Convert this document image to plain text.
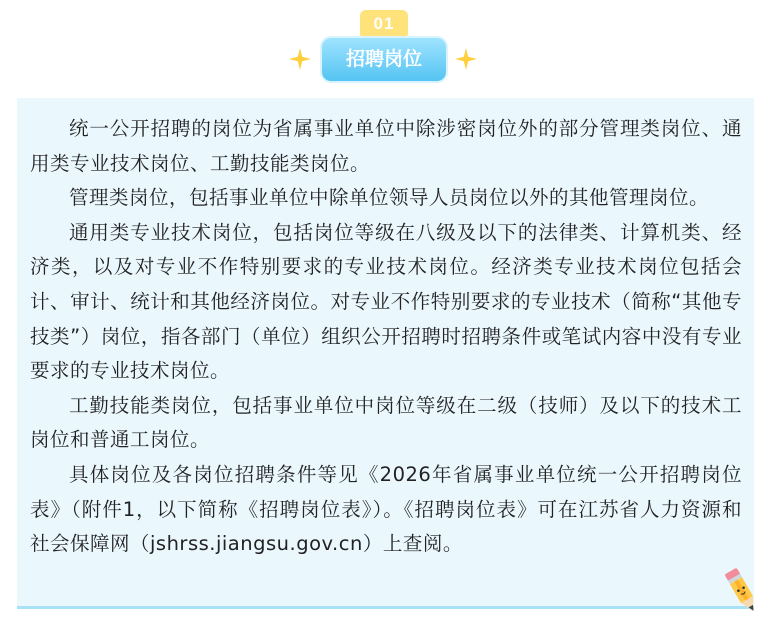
01
招聘岗位

统一公开招聘的岗位为省属事业单位中除涉密岗位外的部分管理类岗位、通用类专业技术岗位、工勤技能类岗位。

管理类岗位，包括事业单位中除单位领导人员岗位以外的其他管理岗位。

通用类专业技术岗位，包括岗位等级在八级及以下的法律类、计算机类、经济类，以及对专业不作特别要求的专业技术岗位。经济类专业技术岗位包括会计、审计、统计和其他经济岗位。对专业不作特别要求的专业技术（简称“其他专技类”）岗位，指各部门（单位）组织公开招聘时招聘条件或笔试内容中没有专业要求的专业技术岗位。

工勤技能类岗位，包括事业单位中岗位等级在二级（技师）及以下的技术工岗位和普通工岗位。

具体岗位及各岗位招聘条件等见《2026年省属事业单位统一公开招聘岗位表》（附件1，以下简称《招聘岗位表》）。《招聘岗位表》可在江苏省人力资源和社会保障网（jshrss.jiangsu.gov.cn）上查阅。
